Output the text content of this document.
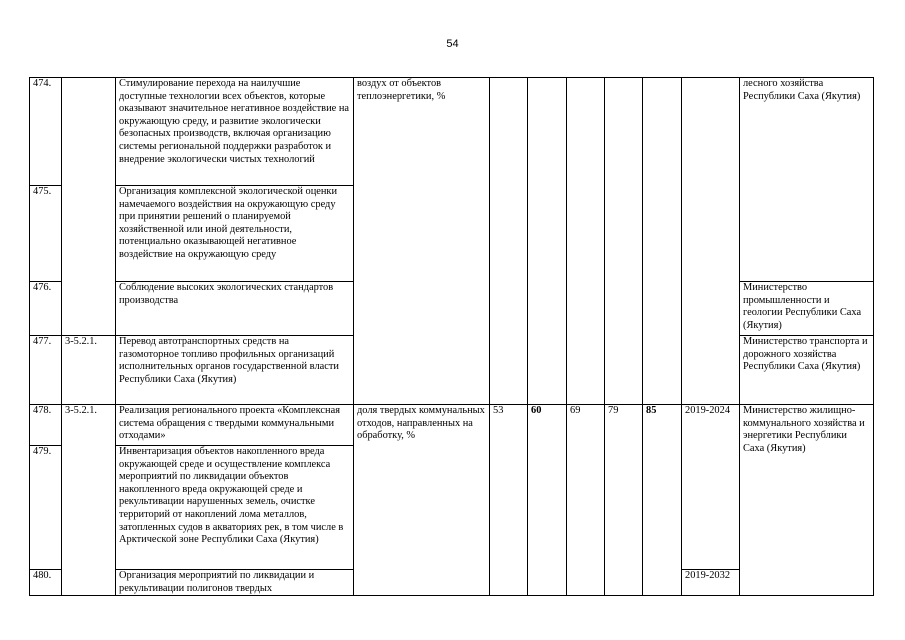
54
474.		Стимулирование перехода на наилучшие доступные технологии всех объектов, которые оказывают значительное негативное воздействие на окружающую среду, и развитие экологически безопасных производств, включая организацию системы региональной поддержки разработок и внедрение экологически чистых технологий	воздух от объектов теплоэнергетики, %							лесного хозяйства Республики Саха (Якутия)
475.		Организация комплексной экологической оценки намечаемого воздействия на окружающую среду при принятии решений о планируемой хозяйственной или иной деятельности, потенциально оказывающей негативное воздействие на окружающую среду								
476.		Соблюдение высоких экологических стандартов производства								Министерство промышленности и геологии Республики Саха (Якутия)
477.	3-5.2.1.	Перевод автотранспортных средств на газомоторное топливо профильных организаций исполнительных органов государственной власти Республики Саха (Якутия)								Министерство транспорта и дорожного хозяйства Республики Саха (Якутия)
478.	3-5.2.1.	Реализация регионального проекта «Комплексная система обращения с твердыми коммунальными отходами»	доля твердых коммунальных отходов, направленных на обработку, %	53	60	69	79	85	2019-2024	Министерство жилищно-коммунального хозяйства и энергетики Республики Саха (Якутия)
479.		Инвентаризация объектов накопленного вреда окружающей среде и осуществление комплекса мероприятий по ликвидации объектов накопленного вреда окружающей среде и рекультивации нарушенных земель, очистке территорий от накоплений лома металлов, затопленных судов в акваториях рек, в том числе в Арктической зоне Республики Саха (Якутия)								
480.		Организация мероприятий по ликвидации и рекультивации полигонов твердых							2019-2032	
